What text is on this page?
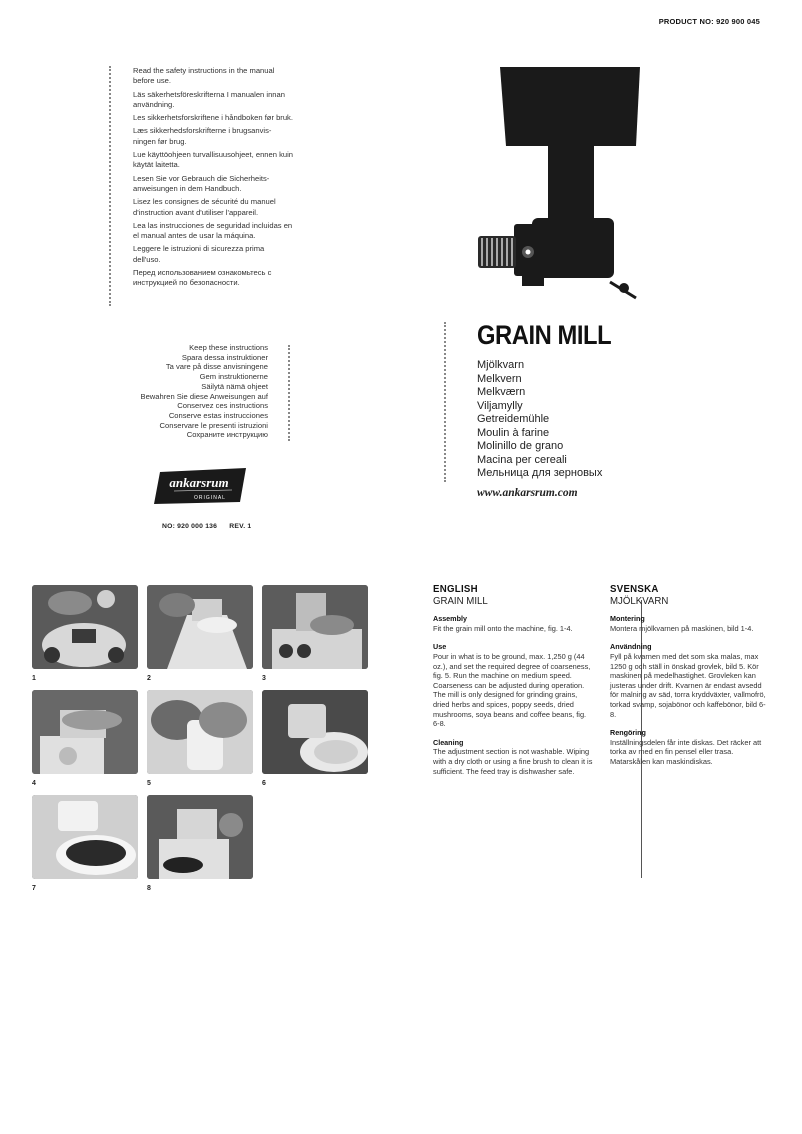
PRODUCT NO: 920 900 045

Read the safety instructions in the manual before use.

Läs säkerhetsföreskrifterna I manualen innan användning.

Les sikkerhetsforskriftene i håndboken før bruk.

Læs sikkerhedsforskrifterne i brugsanvis-ningen før brug.

Lue käyttöohjeen turvallisuusohjeet, ennen kuin käytät laitetta.

Lesen Sie vor Gebrauch die Sicherheits-anweisungen in dem Handbuch.

Lisez les consignes de sécurité du manuel d'instruction avant d'utiliser l'appareil.

Lea las instrucciones de seguridad incluidas en el manual antes de usar la máquina.

Leggere le istruzioni di sicurezza prima dell'uso.

Перед использованием ознакомьтесь с инструкцией по безопасности.

Keep these instructions
Spara dessa instruktioner
Ta vare på disse anvisningene
Gem instruktionerne
Säilytä nämä ohjeet
Bewahren Sie diese Anweisungen auf
Conservez ces instructions
Conserve estas instrucciones
Conservare le presenti istruzioni
Сохраните инструкцию
ankarsrum
ORIGINAL
NO: 920 000 136 REV. 1
GRAIN MILL
Mjölkvarn
Melkvern
Melkværn
Viljamylly
Getreidemühle
Moulin à farine
Molinillo de grano
Macina per cereali
Мельница для зерновых
www.ankarsrum.com
1	2	3
4	5	6
7	8
ENGLISH
GRAIN MILL
Assembly
Fit the grain mill onto the machine, fig. 1-4.
Use
Pour in what is to be ground, max. 1,250 g (44 oz.), and set the required degree of coarseness, fig. 5. Run the machine on medium speed. Coarseness can be adjusted during operation. The mill is only designed for grinding grains, dried herbs and spices, poppy seeds, dried mushrooms, soya beans and coffee beans, fig. 6-8.
Cleaning
The adjustment section is not washable. Wiping with a dry cloth or using a fine brush to clean it is sufficient. The feed tray is dishwasher safe.
SVENSKA
MJÖLKVARN
Montering
Montera mjölkvarnen på maskinen, bild 1-4.
Användning
Fyll på kvarnen med det som ska malas, max 1250 g och ställ in önskad grovlek, bild 5. Kör maskinen på medelhastighet. Grovleken kan justeras under drift. Kvarnen är endast avsedd för malning av säd, torra kryddväxter, vallmofrö, torkad svamp, sojabönor och kaffebönor, bild 6-8.
Rengöring
Inställningsdelen får inte diskas. Det räcker att torka av med en fin pensel eller trasa. Matarskålen kan maskindiskas.
